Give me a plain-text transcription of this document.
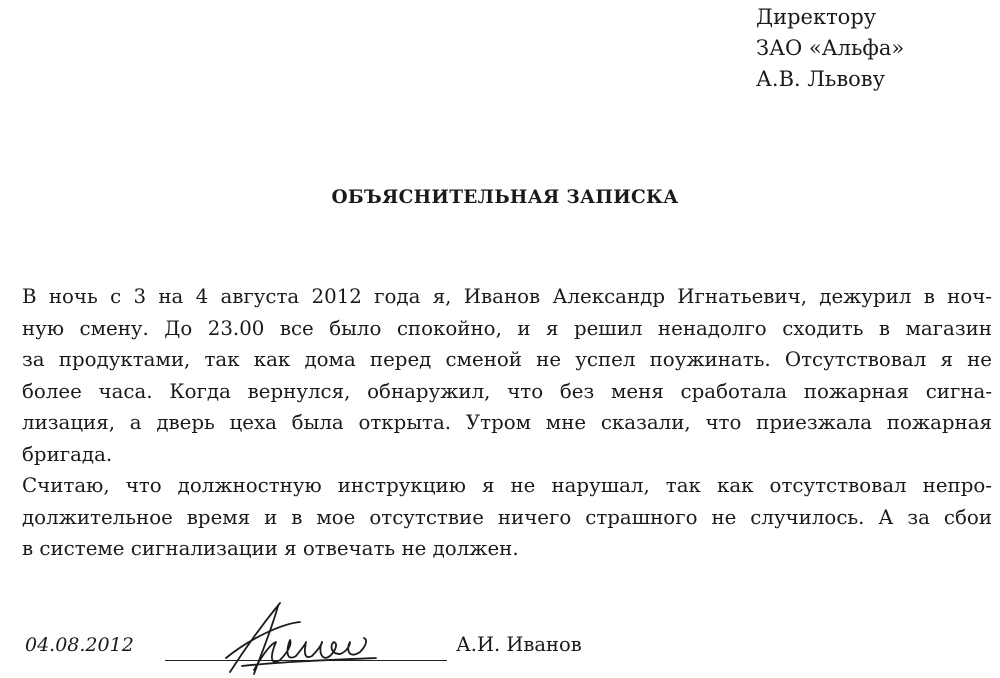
Директору
ЗАО «Альфа»
А.В. Львову
ОБЪЯСНИТЕЛЬНАЯ ЗАПИСКА
В ночь с 3 на 4 августа 2012 года я, Иванов Александр Игнатьевич, дежурил в ноч-
ную смену. До 23.00 все было спокойно, и я решил ненадолго сходить в магазин
за продуктами, так как дома перед сменой не успел поужинать. Отсутствовал я не
более часа. Когда вернулся, обнаружил, что без меня сработала пожарная сигна-
лизация, а дверь цеха была открыта. Утром мне сказали, что приезжала пожарная
бригада.
Считаю, что должностную инструкцию я не нарушал, так как отсутствовал непро-
должительное время и в мое отсутствие ничего страшного не случилось. А за сбои
в системе сигнализации я отвечать не должен.
04.08.2012	А.И. Иванов
